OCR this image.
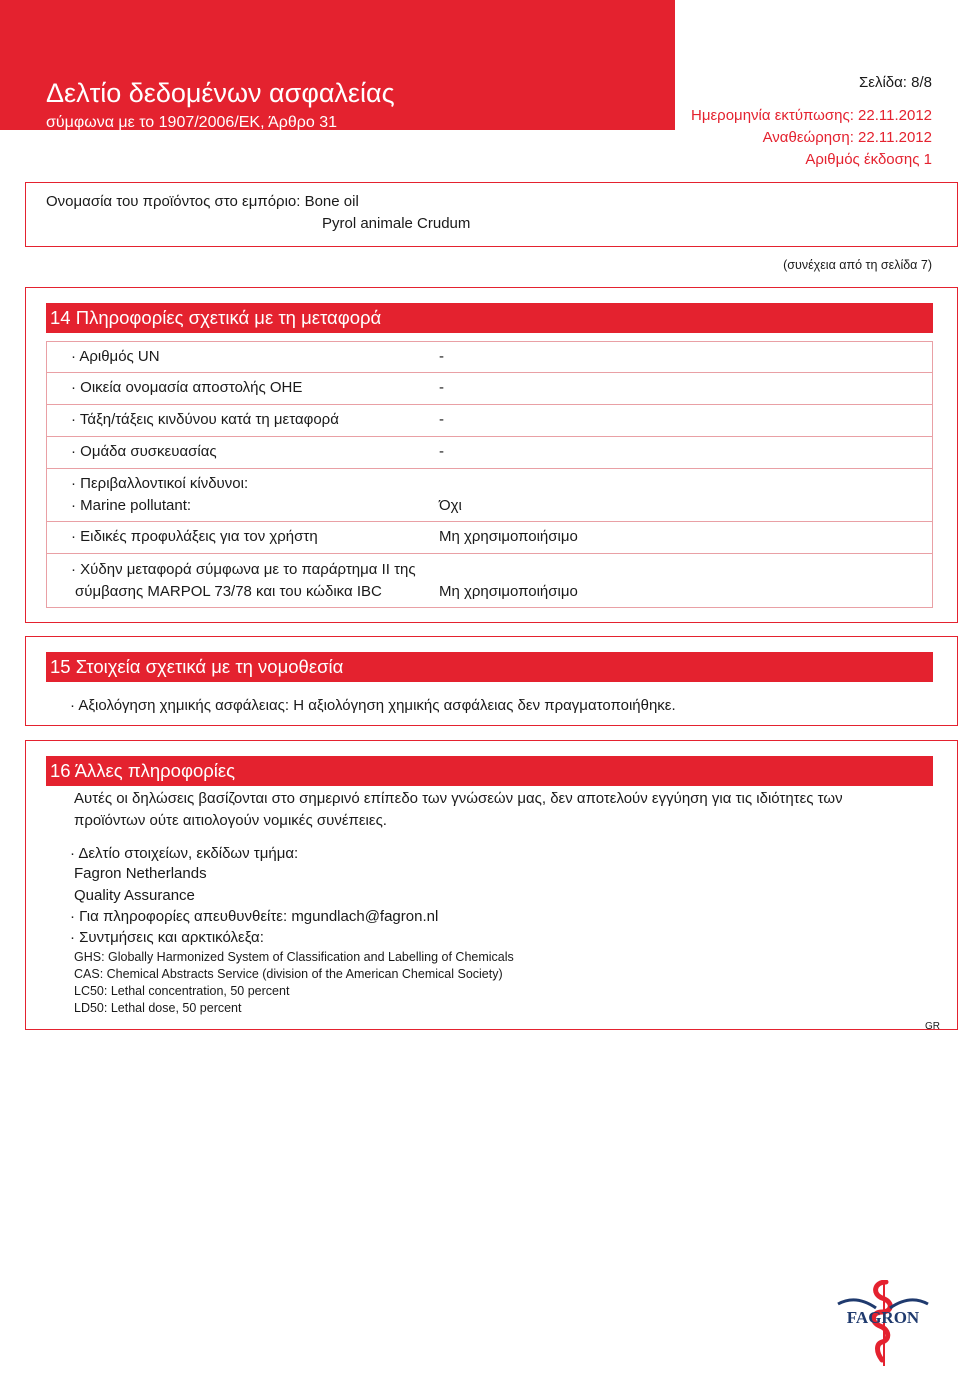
Δελτίο δεδομένων ασφαλείας
σύμφωνα με το 1907/2006/ΕΚ, Άρθρο 31
Σελίδα: 8/8
Ημερομηνία εκτύπωσης: 22.11.2012
Αναθεώρηση: 22.11.2012
Αριθμός έκδοσης 1
Ονομασία του προϊόντος στο εμπόριο: Bone oil
Pyrol animale Crudum
(συνέχεια από τη σελίδα 7)
14 Πληροφορίες σχετικά με τη μεταφορά
· Αριθμός UN	-
· Οικεία ονομασία αποστολής ΟΗΕ	-
· Τάξη/τάξεις κινδύνου κατά τη μεταφορά	-
· Ομάδα συσκευασίας	-
· Περιβαλλοντικοί κίνδυνοι:
· Marine pollutant:	Όχι
· Ειδικές προφυλάξεις για τον χρήστη	Μη χρησιμοποιήσιμο
· Χύδην μεταφορά σύμφωνα με το παράρτημα II της
σύμβασης MARPOL 73/78 και του κώδικα IBC	Μη χρησιμοποιήσιμο
15 Στοιχεία σχετικά με τη νομοθεσία
· Αξιολόγηση χημικής ασφάλειας: Η αξιολόγηση χημικής ασφάλειας δεν πραγματοποιήθηκε.
16 Άλλες πληροφορίες
Αυτές οι δηλώσεις βασίζονται στο σημερινό επίπεδο των γνώσεών μας, δεν αποτελούν εγγύηση για τις ιδιότητες των
προϊόντων ούτε αιτιολογούν νομικές συνέπειες.
· Δελτίο στοιχείων, εκδίδων τμήμα:
Fagron Netherlands
Quality Assurance
· Για πληροφορίες απευθυνθείτε: mgundlach@fagron.nl
· Συντμήσεις και αρκτικόλεξα:
GHS: Globally Harmonized System of Classification and Labelling of Chemicals
CAS: Chemical Abstracts Service (division of the American Chemical Society)
LC50: Lethal concentration, 50 percent
LD50: Lethal dose, 50 percent
GR
FAGRON
